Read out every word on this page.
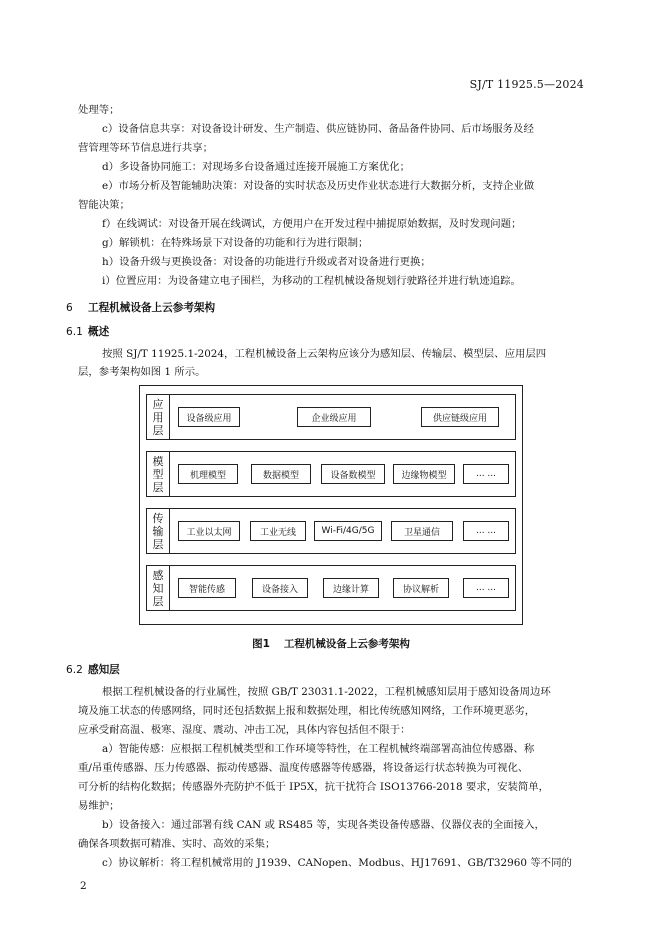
SJ/T 11925.5—2024
处理等；
c）设备信息共享：对设备设计研发、生产制造、供应链协同、备品备件协同、后市场服务及经
营管理等环节信息进行共享；
d）多设备协同施工：对现场多台设备通过连接开展施工方案优化；
e）市场分析及智能辅助决策：对设备的实时状态及历史作业状态进行大数据分析，支持企业做
智能决策；
f）在线调试：对设备开展在线调试，方便用户在开发过程中捕捉原始数据，及时发现问题；
g）解锁机：在特殊场景下对设备的功能和行为进行限制；
h）设备升级与更换设备：对设备的功能进行升级或者对设备进行更换；
i）位置应用：为设备建立电子围栏，为移动的工程机械设备规划行驶路径并进行轨迹追踪。
6 工程机械设备上云参考架构
6.1 概述
按照 SJ/T 11925.1-2024，工程机械设备上云架构应该分为感知层、传输层、模型层、应用层四
层，参考架构如图 1 所示。
应
用
层
设备级应用	企业级应用	供应链级应用
模
型
层
机理模型	数据模型	设备数模型	边缘物模型	... ...
传
输
层
工业以太网	工业无线	Wi-Fi/4G/5G	卫星通信	... ...
感
知
层
智能传感	设备接入	边缘计算	协议解析	... ...
图1 工程机械设备上云参考架构
6.2 感知层
根据工程机械设备的行业属性，按照 GB/T 23031.1-2022，工程机械感知层用于感知设备周边环
境及施工状态的传感网络，同时还包括数据上报和数据处理，相比传统感知网络，工作环境更恶劣，
应承受耐高温、极寒、湿度、震动、冲击工况，具体内容包括但不限于：
a）智能传感：应根据工程机械类型和工作环境等特性，在工程机械终端部署高油位传感器、称
重/吊重传感器、压力传感器、振动传感器、温度传感器等传感器，将设备运行状态转换为可视化、
可分析的结构化数据；传感器外壳防护不低于 IP5X，抗干扰符合 ISO13766-2018 要求，安装简单，
易维护；
b）设备接入：通过部署有线 CAN 或 RS485 等，实现各类设备传感器、仪器仪表的全面接入，
确保各项数据可精准、实时、高效的采集；
c）协议解析：将工程机械常用的 J1939、CANopen、Modbus、HJ17691、GB/T32960 等不同的
2
